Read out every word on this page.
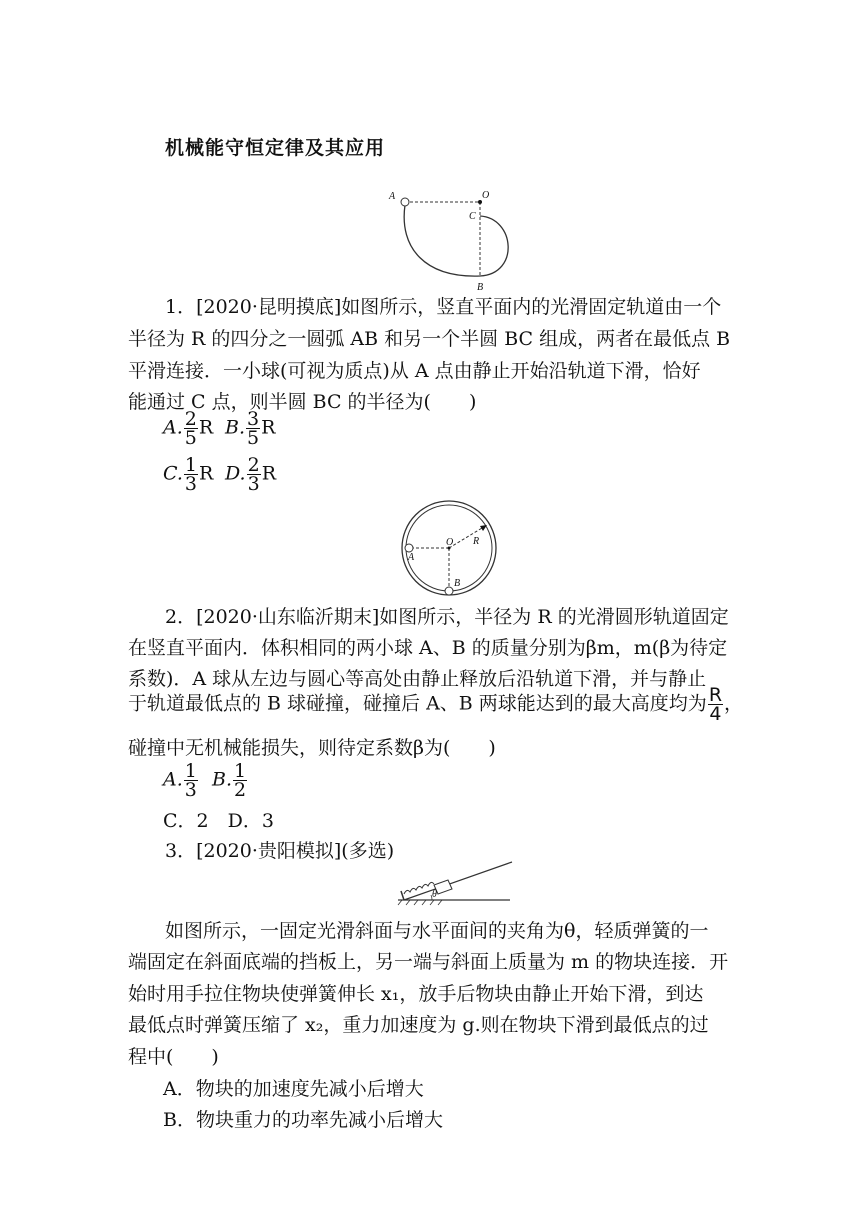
机械能守恒定律及其应用
A	O
C
B
1．[2020·昆明摸底]如图所示，竖直平面内的光滑固定轨道由一个
半径为 R 的四分之一圆弧 AB 和另一个半圆 BC 组成，两者在最低点 B
平滑连接．一小球(可视为质点)从 A 点由静止开始沿轨道下滑，恰好
能通过 C 点，则半圆 BC 的半径为(　　)
A. $\frac{2}{5}$ R B. $\frac{3}{5}$ R
C. $\frac{1}{3}$ R D. $\frac{2}{3}$ R
O R
A
B
2．[2020·山东临沂期末]如图所示，半径为 R 的光滑圆形轨道固定
在竖直平面内．体积相同的两小球 A、B 的质量分别为βm，m(β为待定
系数)．A 球从左边与圆心等高处由静止释放后沿轨道下滑，并与静止
于轨道最低点的 B 球碰撞，碰撞后 A、B 两球能达到的最大高度均为 $\frac{R}{4}$ ，
碰撞中无机械能损失，则待定系数β为(　　)
A. $\frac{1}{3} B$. $\frac{1}{2}$
C．2　D．3
3．[2020·贵阳模拟](多选)
θ
如图所示，一固定光滑斜面与水平面间的夹角为θ，轻质弹簧的一
端固定在斜面底端的挡板上，另一端与斜面上质量为 m 的物块连接．开
始时用手拉住物块使弹簧伸长 x₁，放手后物块由静止开始下滑，到达
最低点时弹簧压缩了 x₂，重力加速度为 g.则在物块下滑到最低点的过
程中(　　)
A．物块的加速度先减小后增大
B．物块重力的功率先减小后增大
